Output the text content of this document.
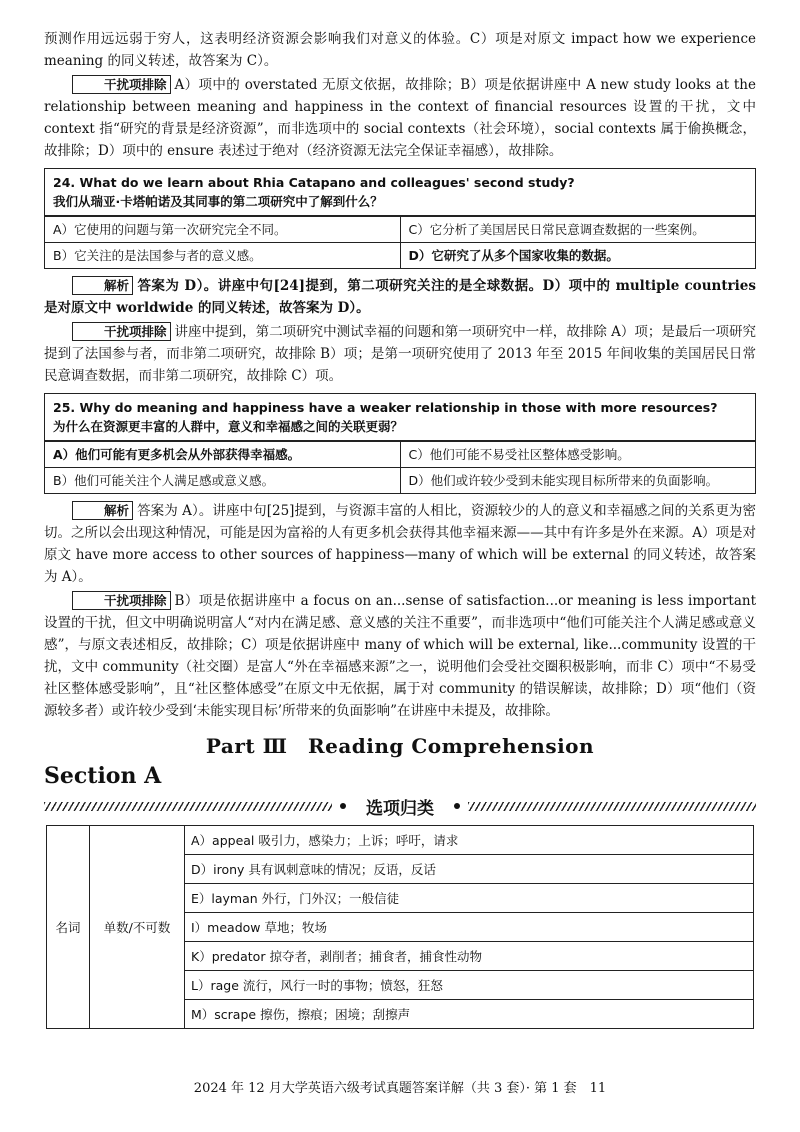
预测作用远远弱于穷人，这表明经济资源会影响我们对意义的体验。C）项是对原文 impact how we experience meaning 的同义转述，故答案为 C）。

干扰项排除 A）项中的 overstated 无原文依据，故排除；B）项是依据讲座中 A new study looks at the relationship between meaning and happiness in the context of financial resources 设置的干扰，文中 context 指“研究的背景是经济资源”，而非选项中的 social contexts（社会环境），social contexts 属于偷换概念，故排除；D）项中的 ensure 表述过于绝对（经济资源无法完全保证幸福感），故排除。

24. What do we learn about Rhia Catapano and colleagues' second study?
我们从瑞亚·卡塔帕诺及其同事的第二项研究中了解到什么？
A）它使用的问题与第一次研究完全不同。	C）它分析了美国居民日常民意调查数据的一些案例。
B）它关注的是法国参与者的意义感。	D）它研究了从多个国家收集的数据。

解析 答案为 D）。讲座中句[24]提到，第二项研究关注的是全球数据。D）项中的 multiple countries 是对原文中 worldwide 的同义转述，故答案为 D）。

干扰项排除 讲座中提到，第二项研究中测试幸福的问题和第一项研究中一样，故排除 A）项；是最后一项研究提到了法国参与者，而非第二项研究，故排除 B）项；是第一项研究使用了 2013 年至 2015 年间收集的美国居民日常民意调查数据，而非第二项研究，故排除 C）项。

25. Why do meaning and happiness have a weaker relationship in those with more resources?
为什么在资源更丰富的人群中，意义和幸福感之间的关联更弱？
A）他们可能有更多机会从外部获得幸福感。	C）他们可能不易受社区整体感受影响。
B）他们可能关注个人满足感或意义感。	D）他们或许较少受到未能实现目标所带来的负面影响。

解析 答案为 A）。讲座中句[25]提到，与资源丰富的人相比，资源较少的人的意义和幸福感之间的关系更为密切。之所以会出现这种情况，可能是因为富裕的人有更多机会获得其他幸福来源——其中有许多是外在来源。A）项是对原文 have more access to other sources of happiness—many of which will be external 的同义转述，故答案为 A）。

干扰项排除 B）项是依据讲座中 a focus on an...sense of satisfaction...or meaning is less important 设置的干扰，但文中明确说明富人“对内在满足感、意义感的关注不重要”，而非选项中“他们可能关注个人满足感或意义感”，与原文表述相反，故排除；C）项是依据讲座中 many of which will be external, like...community 设置的干扰，文中 community（社交圈）是富人“外在幸福感来源”之一，说明他们会受社交圈积极影响，而非 C）项中“不易受社区整体感受影响”，且“社区整体感受”在原文中无依据，属于对 community 的错误解读，故排除；D）项“他们（资源较多者）或许较少受到‘未能实现目标’所带来的负面影响”在讲座中未提及，故排除。

Part Ⅲ　Reading Comprehension
Section A
选项归类
名词	单数/不可数	A）appeal 吸引力，感染力；上诉；呼吁，请求
D）irony 具有讽刺意味的情况；反语，反话
E）layman 外行，门外汉；一般信徒
I）meadow 草地；牧场
K）predator 掠夺者，剥削者；捕食者，捕食性动物
L）rage 流行，风行一时的事物；愤怒，狂怒
M）scrape 擦伤，擦痕；困境；刮擦声
2024 年 12 月大学英语六级考试真题答案详解（共 3 套）· 第 1 套　11
